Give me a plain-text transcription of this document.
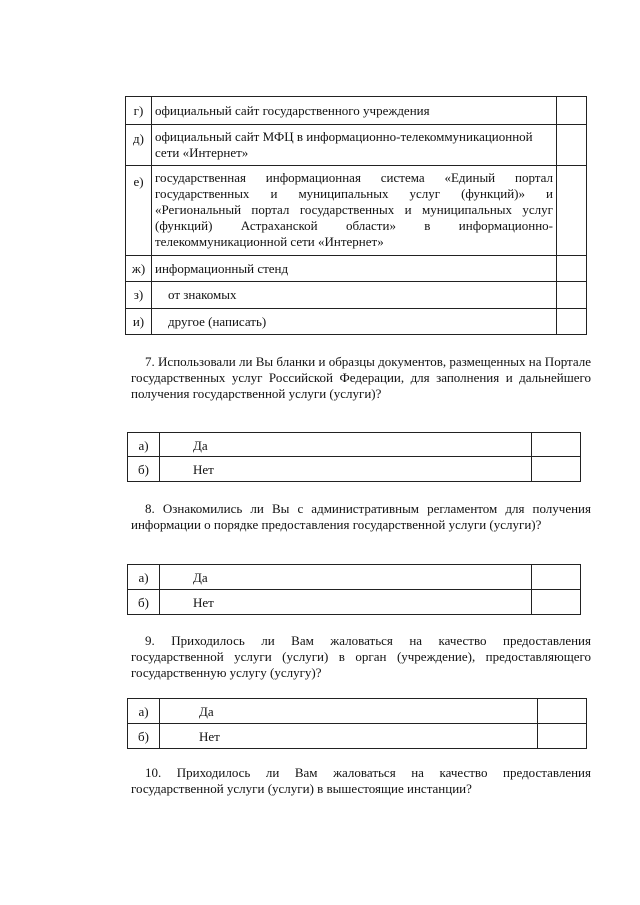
г)	официальный сайт государственного учреждения	
д)	официальный сайт МФЦ в информационно-телекоммуникационной сети «Интернет»	
е)	государственная информационная система «Единый портал государственных и муниципальных услуг (функций)» и «Региональный портал государственных и муниципальных услуг (функций) Астраханской области» в информационно-телекоммуникационной сети «Интернет»	
ж)	информационный стенд	
з)	от знакомых	
и)	другое (написать)	

7. Использовали ли Вы бланки и образцы документов, размещенных на Портале государственных услуг Российской Федерации, для заполнения и дальнейшего получения государственной услуги (услуги)?

а)	Да	
б)	Нет	

8. Ознакомились ли Вы с административным регламентом для получения информации о порядке предоставления государственной услуги (услуги)?

а)	Да	
б)	Нет	

9. Приходилось ли Вам жаловаться на качество предоставления государственной услуги (услуги) в орган (учреждение), предоставляющего государственную услугу (услугу)?

а)	Да	
б)	Нет	

10. Приходилось ли Вам жаловаться на качество предоставления государственной услуги (услуги) в вышестоящие инстанции?
